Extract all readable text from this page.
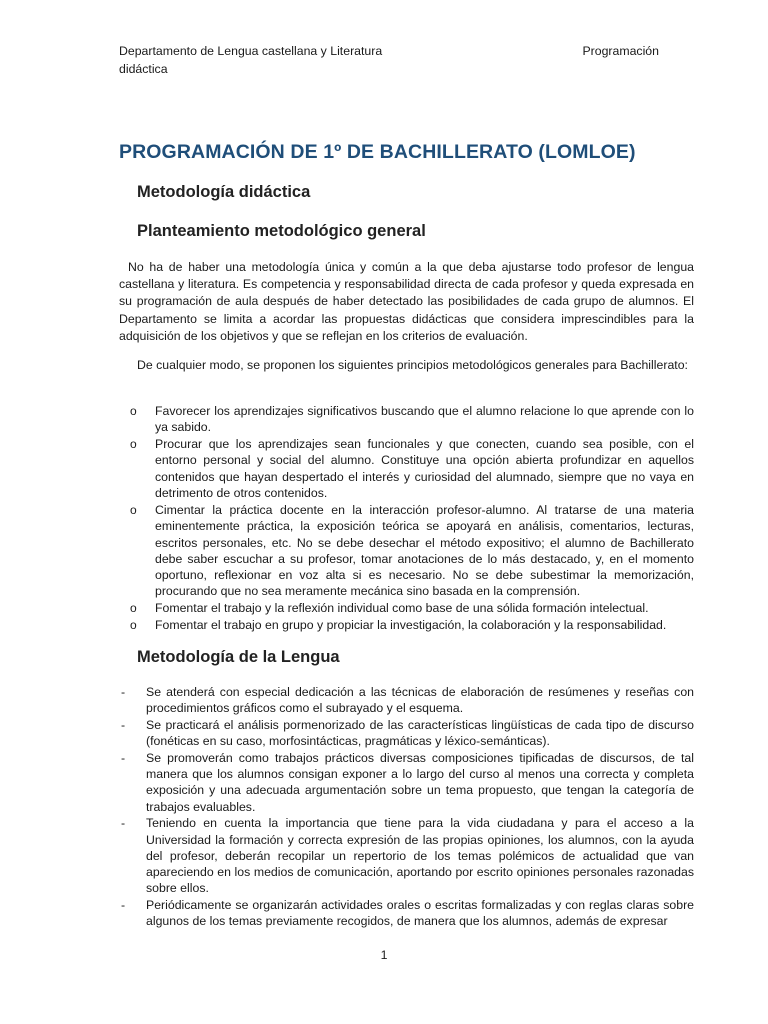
Departamento de Lengua castellana y Literatura	Programación
didáctica
PROGRAMACIÓN DE 1º DE BACHILLERATO (LOMLOE)
Metodología didáctica
Planteamiento metodológico general

No ha de haber una metodología única y común a la que deba ajustarse todo profesor de lengua castellana y literatura. Es competencia y responsabilidad directa de cada profesor y queda expresada en su programación de aula después de haber detectado las posibilidades de cada grupo de alumnos. El Departamento se limita a acordar las propuestas didácticas que considera imprescindibles para la adquisición de los objetivos y que se reflejan en los criterios de evaluación.

De cualquier modo, se proponen los siguientes principios metodológicos generales para Bachillerato:

o Favorecer los aprendizajes significativos buscando que el alumno relacione lo que aprende con lo ya sabido.
o Procurar que los aprendizajes sean funcionales y que conecten, cuando sea posible, con el entorno personal y social del alumno. Constituye una opción abierta profundizar en aquellos contenidos que hayan despertado el interés y curiosidad del alumnado, siempre que no vaya en detrimento de otros contenidos.
o Cimentar la práctica docente en la interacción profesor-alumno. Al tratarse de una materia eminentemente práctica, la exposición teórica se apoyará en análisis, comentarios, lecturas, escritos personales, etc. No se debe desechar el método expositivo; el alumno de Bachillerato debe saber escuchar a su profesor, tomar anotaciones de lo más destacado, y, en el momento oportuno, reflexionar en voz alta si es necesario. No se debe subestimar la memorización, procurando que no sea meramente mecánica sino basada en la comprensión.
o Fomentar el trabajo y la reflexión individual como base de una sólida formación intelectual.
o Fomentar el trabajo en grupo y propiciar la investigación, la colaboración y la responsabilidad.
Metodología de la Lengua
- Se atenderá con especial dedicación a las técnicas de elaboración de resúmenes y reseñas con procedimientos gráficos como el subrayado y el esquema.
- Se practicará el análisis pormenorizado de las características lingüísticas de cada tipo de discurso (fonéticas en su caso, morfosintácticas, pragmáticas y léxico-semánticas).
- Se promoverán como trabajos prácticos diversas composiciones tipificadas de discursos, de tal manera que los alumnos consigan exponer a lo largo del curso al menos una correcta y completa exposición y una adecuada argumentación sobre un tema propuesto, que tengan la categoría de trabajos evaluables.
- Teniendo en cuenta la importancia que tiene para la vida ciudadana y para el acceso a la Universidad la formación y correcta expresión de las propias opiniones, los alumnos, con la ayuda del profesor, deberán recopilar un repertorio de los temas polémicos de actualidad que van apareciendo en los medios de comunicación, aportando por escrito opiniones personales razonadas sobre ellos.
- Periódicamente se organizarán actividades orales o escritas formalizadas y con reglas claras sobre algunos de los temas previamente recogidos, de manera que los alumnos, además de expresar
1
